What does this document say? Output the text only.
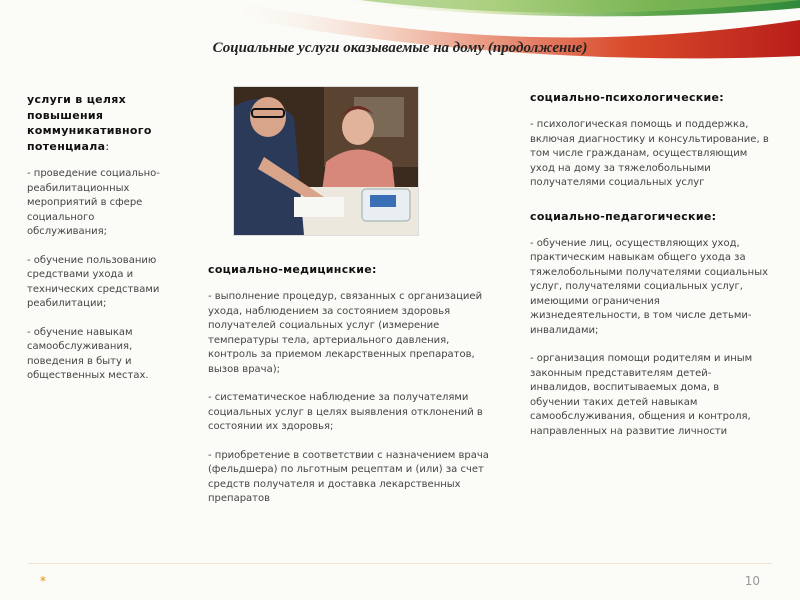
Социальные услуги оказываемые на дому (продолжение)
услуги в целях повышения коммуникативного потенциала:

- проведение социально-реабилитационных мероприятий в сфере социального обслуживания;

- обучение пользованию средствами ухода и технических средствами реабилитации;

- обучение навыкам самообслуживания, поведения в быту и общественных местах.

социально-медицинские:

- выполнение процедур, связанных с организацией ухода, наблюдением за состоянием здоровья получателей социальных услуг (измерение температуры тела, артериального давления, контроль за приемом лекарственных препаратов, вызов врача);

- систематическое наблюдение за получателями социальных услуг в целях выявления отклонений в состоянии их здоровья;

- приобретение в соответствии с назначением врача (фельдшера) по льготным рецептам и (или) за счет средств получателя и доставка лекарственных препаратов

социально-психологические:

- психологическая помощь и поддержка, включая диагностику и консультирование, в том числе гражданам, осуществляющим уход на дому за тяжелобольными получателями социальных услуг

социально-педагогические:

- обучение лиц, осуществляющих уход, практическим навыкам общего ухода за тяжелобольными получателями социальных услуг, получателями социальных услуг, имеющими ограничения жизнедеятельности, в том числе детьми-инвалидами;

- организация помощи родителям и иным законным представителям детей-инвалидов, воспитываемых дома, в обучении таких детей навыкам самообслуживания, общения и контроля, направленных на развитие личности

*	10
